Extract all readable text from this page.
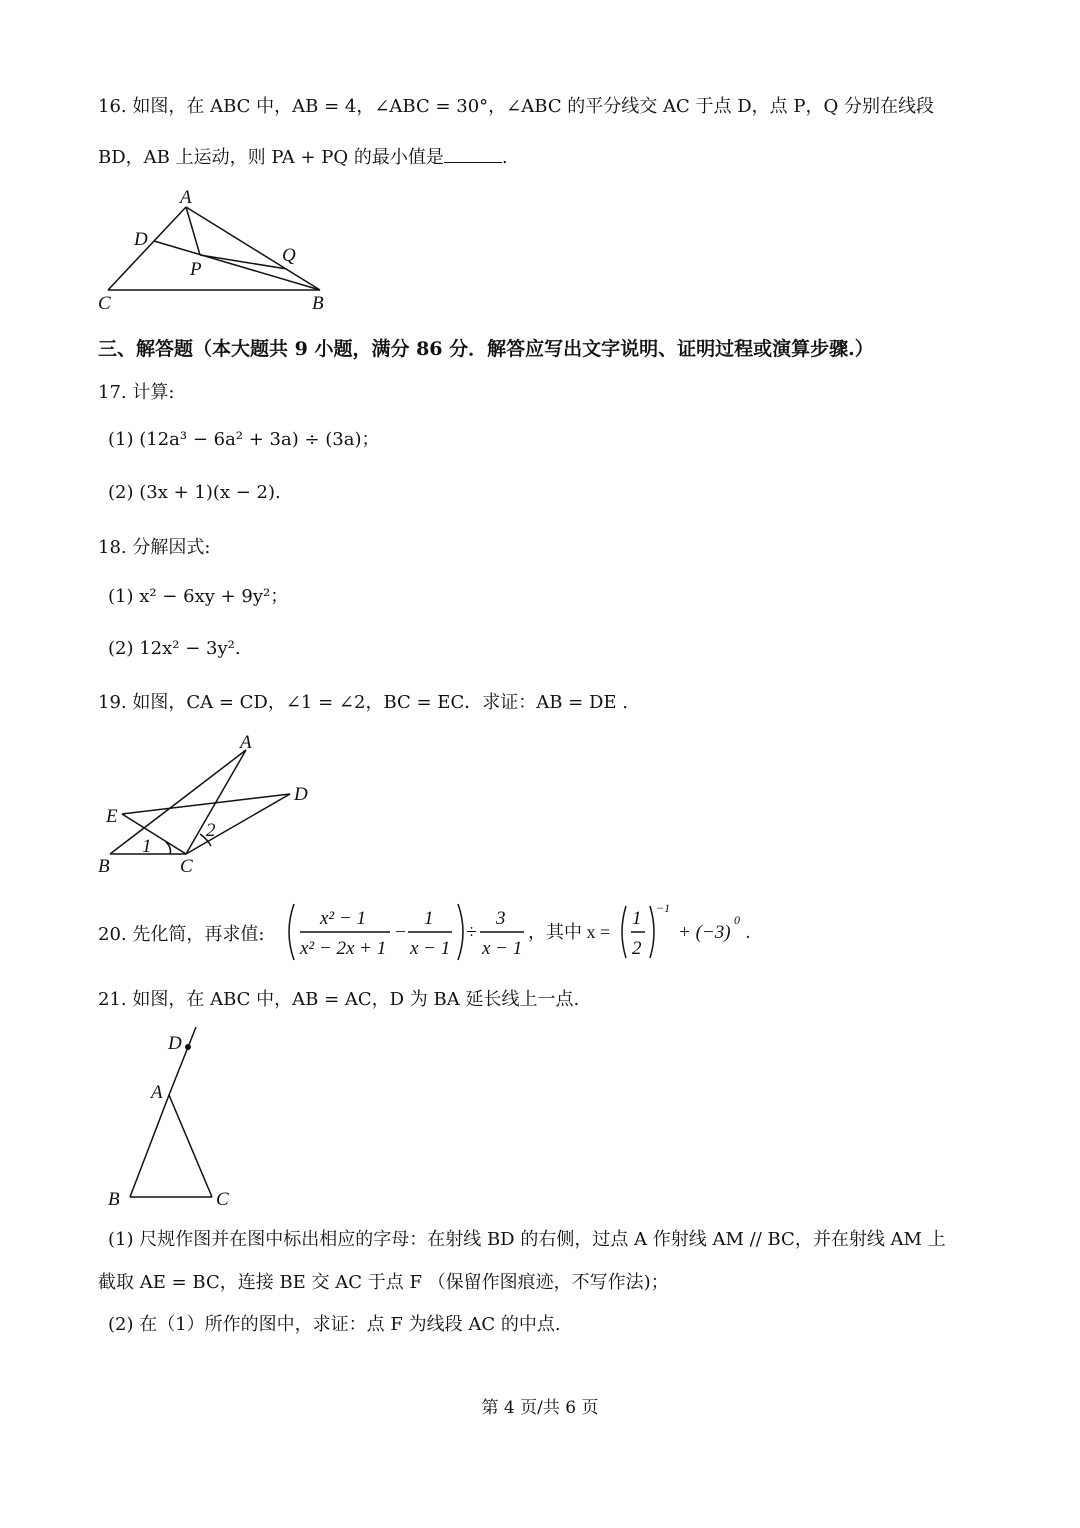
16. 如图，在 ABC 中，AB = 4，∠ABC = 30°，∠ABC 的平分线交 AC 于点 D，点 P，Q 分别在线段
BD，AB 上运动，则 PA + PQ 的最小值是	.
A
D
P
Q
C	B
三、解答题（本大题共 9 小题，满分 86 分．解答应写出文字说明、证明过程或演算步骤.）
17. 计算:
(1) (12a³ − 6a² + 3a) ÷ (3a)；
(2) (3x + 1)(x − 2).
18. 分解因式:
(1) x² − 6xy + 9y²；
(2) 12x² − 3y².
19. 如图，CA = CD，∠1 = ∠2，BC = EC．求证：AB = DE .
A
D
E
B	C
1
2
20. 先化简，再求值:
x² − 1
x² − 2x + 1
−
1
x − 1
÷
3
x − 1
，其中 x =
1
2
−1
+ (−3)
0
.
21. 如图，在 ABC 中，AB = AC，D 为 BA 延长线上一点.
D
A
B	C
(1) 尺规作图并在图中标出相应的字母：在射线 BD 的右侧，过点 A 作射线 AM // BC，并在射线 AM 上
截取 AE = BC，连接 BE 交 AC 于点 F （保留作图痕迹，不写作法)；
(2) 在（1）所作的图中，求证：点 F 为线段 AC 的中点.
第 4 页/共 6 页
